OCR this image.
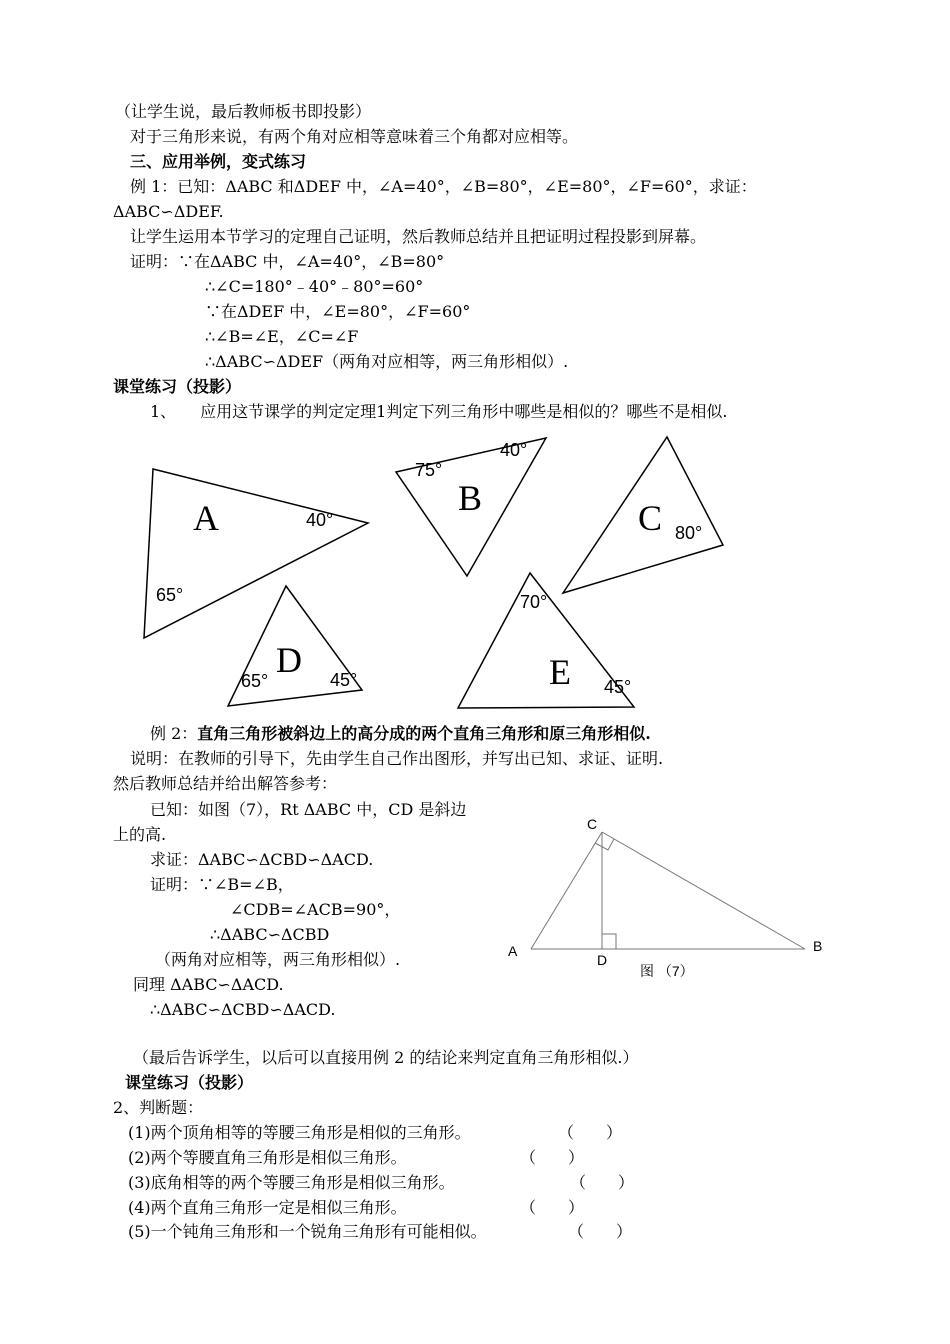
（让学生说，最后教师板书即投影）
对于三角形来说，有两个角对应相等意味着三个角都对应相等。
三、应用举例，变式练习
例 1：已知：ΔABC 和ΔDEF 中，∠A=40°，∠B=80°，∠E=80°，∠F=60°，求证：
ΔABC∽ΔDEF.
让学生运用本节学习的定理自己证明，然后教师总结并且把证明过程投影到屏幕。
证明：∵在ΔABC 中，∠A=40°，∠B=80°
∴∠C=180°﹣40°﹣80°=60°
∵在ΔDEF 中，∠E=80°，∠F=60°
∴∠B=∠E，∠C=∠F
∴ΔABC∽ΔDEF（两角对应相等，两三角形相似）.
课堂练习（投影）
1、　　应用这节课学的判定定理1判定下列三角形中哪些是相似的？哪些不是相似.
A	40°
65°
B
75°
40°
C 80°
D
65°	45°	E
70°
45°
例 2：直角三角形被斜边上的高分成的两个直角三角形和原三角形相似.
说明：在教师的引导下，先由学生自己作出图形，并写出已知、求证、证明.
然后教师总结并给出解答参考：
已知：如图（7），Rt ΔABC 中，CD 是斜边
上的高.
求证：ΔABC∽ΔCBD∽ΔACD.
证明：∵∠B=∠B，
∠CDB=∠ACB=90°，
∴ΔABC∽ΔCBD
（两角对应相等，两三角形相似）.
同理 ΔABC∽ΔACD.
∴ΔABC∽ΔCBD∽ΔACD.
C
A	B
D
图 （7）
（最后告诉学生，以后可以直接用例 2 的结论来判定直角三角形相似.）
课堂练习（投影）
2、判断题：
(1)两个顶角相等的等腰三角形是相似的三角形。	（　　）
(2)两个等腰直角三角形是相似三角形。	（　　）
(3)底角相等的两个等腰三角形是相似三角形。	（　　）
(4)两个直角三角形一定是相似三角形。	（　　）
(5)一个钝角三角形和一个锐角三角形有可能相似。	（　　）
